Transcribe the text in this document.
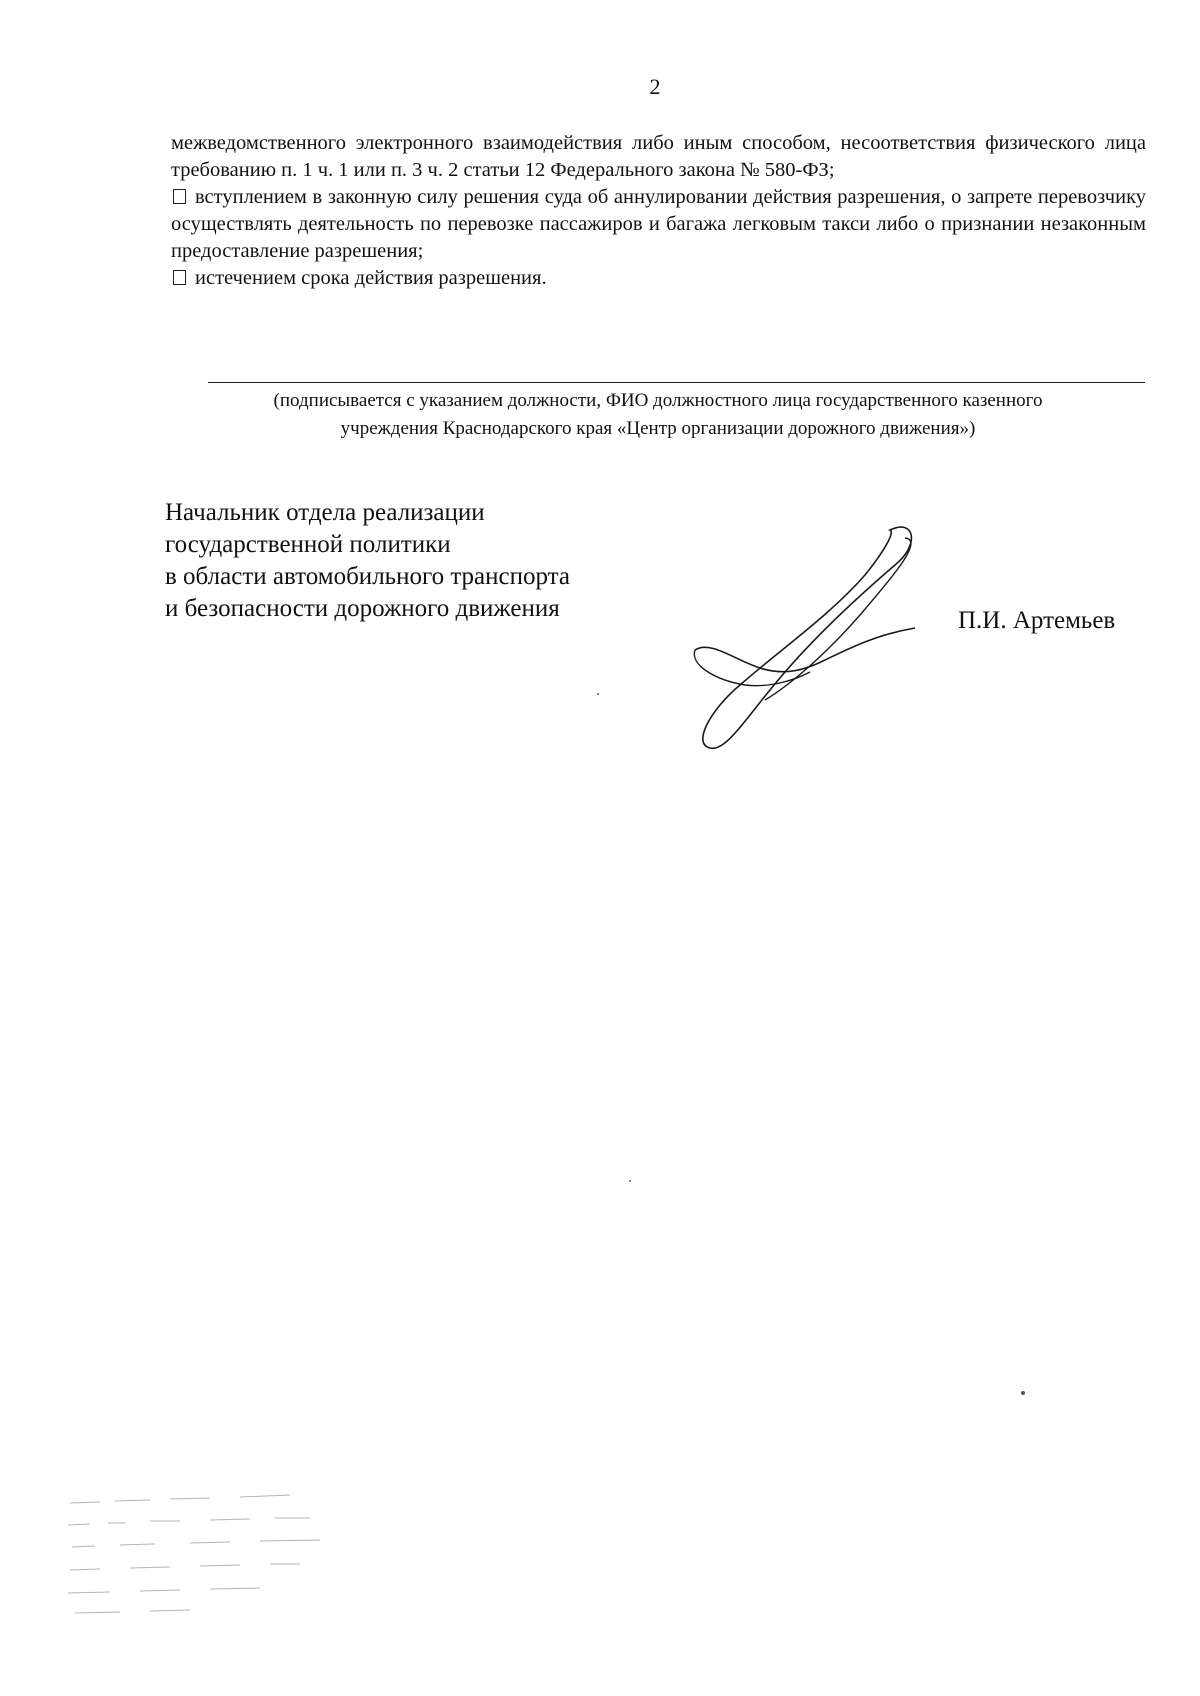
2

межведомственного электронного взаимодействия либо иным способом, несоответствия физического лица требованию п. 1 ч. 1 или п. 3 ч. 2 статьи 12 Федерального закона № 580-ФЗ;

вступлением в законную силу решения суда об аннулировании действия разрешения, о запрете перевозчику осуществлять деятельность по перевозке пассажиров и багажа легковым такси либо о признании незаконным предоставление разрешения;

истечением срока действия разрешения.

(подписывается с указанием должности, ФИО должностного лица государственного казенного
учреждения Краснодарского края «Центр организации дорожного движения»)
Начальник отдела реализации
государственной политики
в области автомобильного транспорта
и безопасности дорожного движения	П.И. Артемьев
